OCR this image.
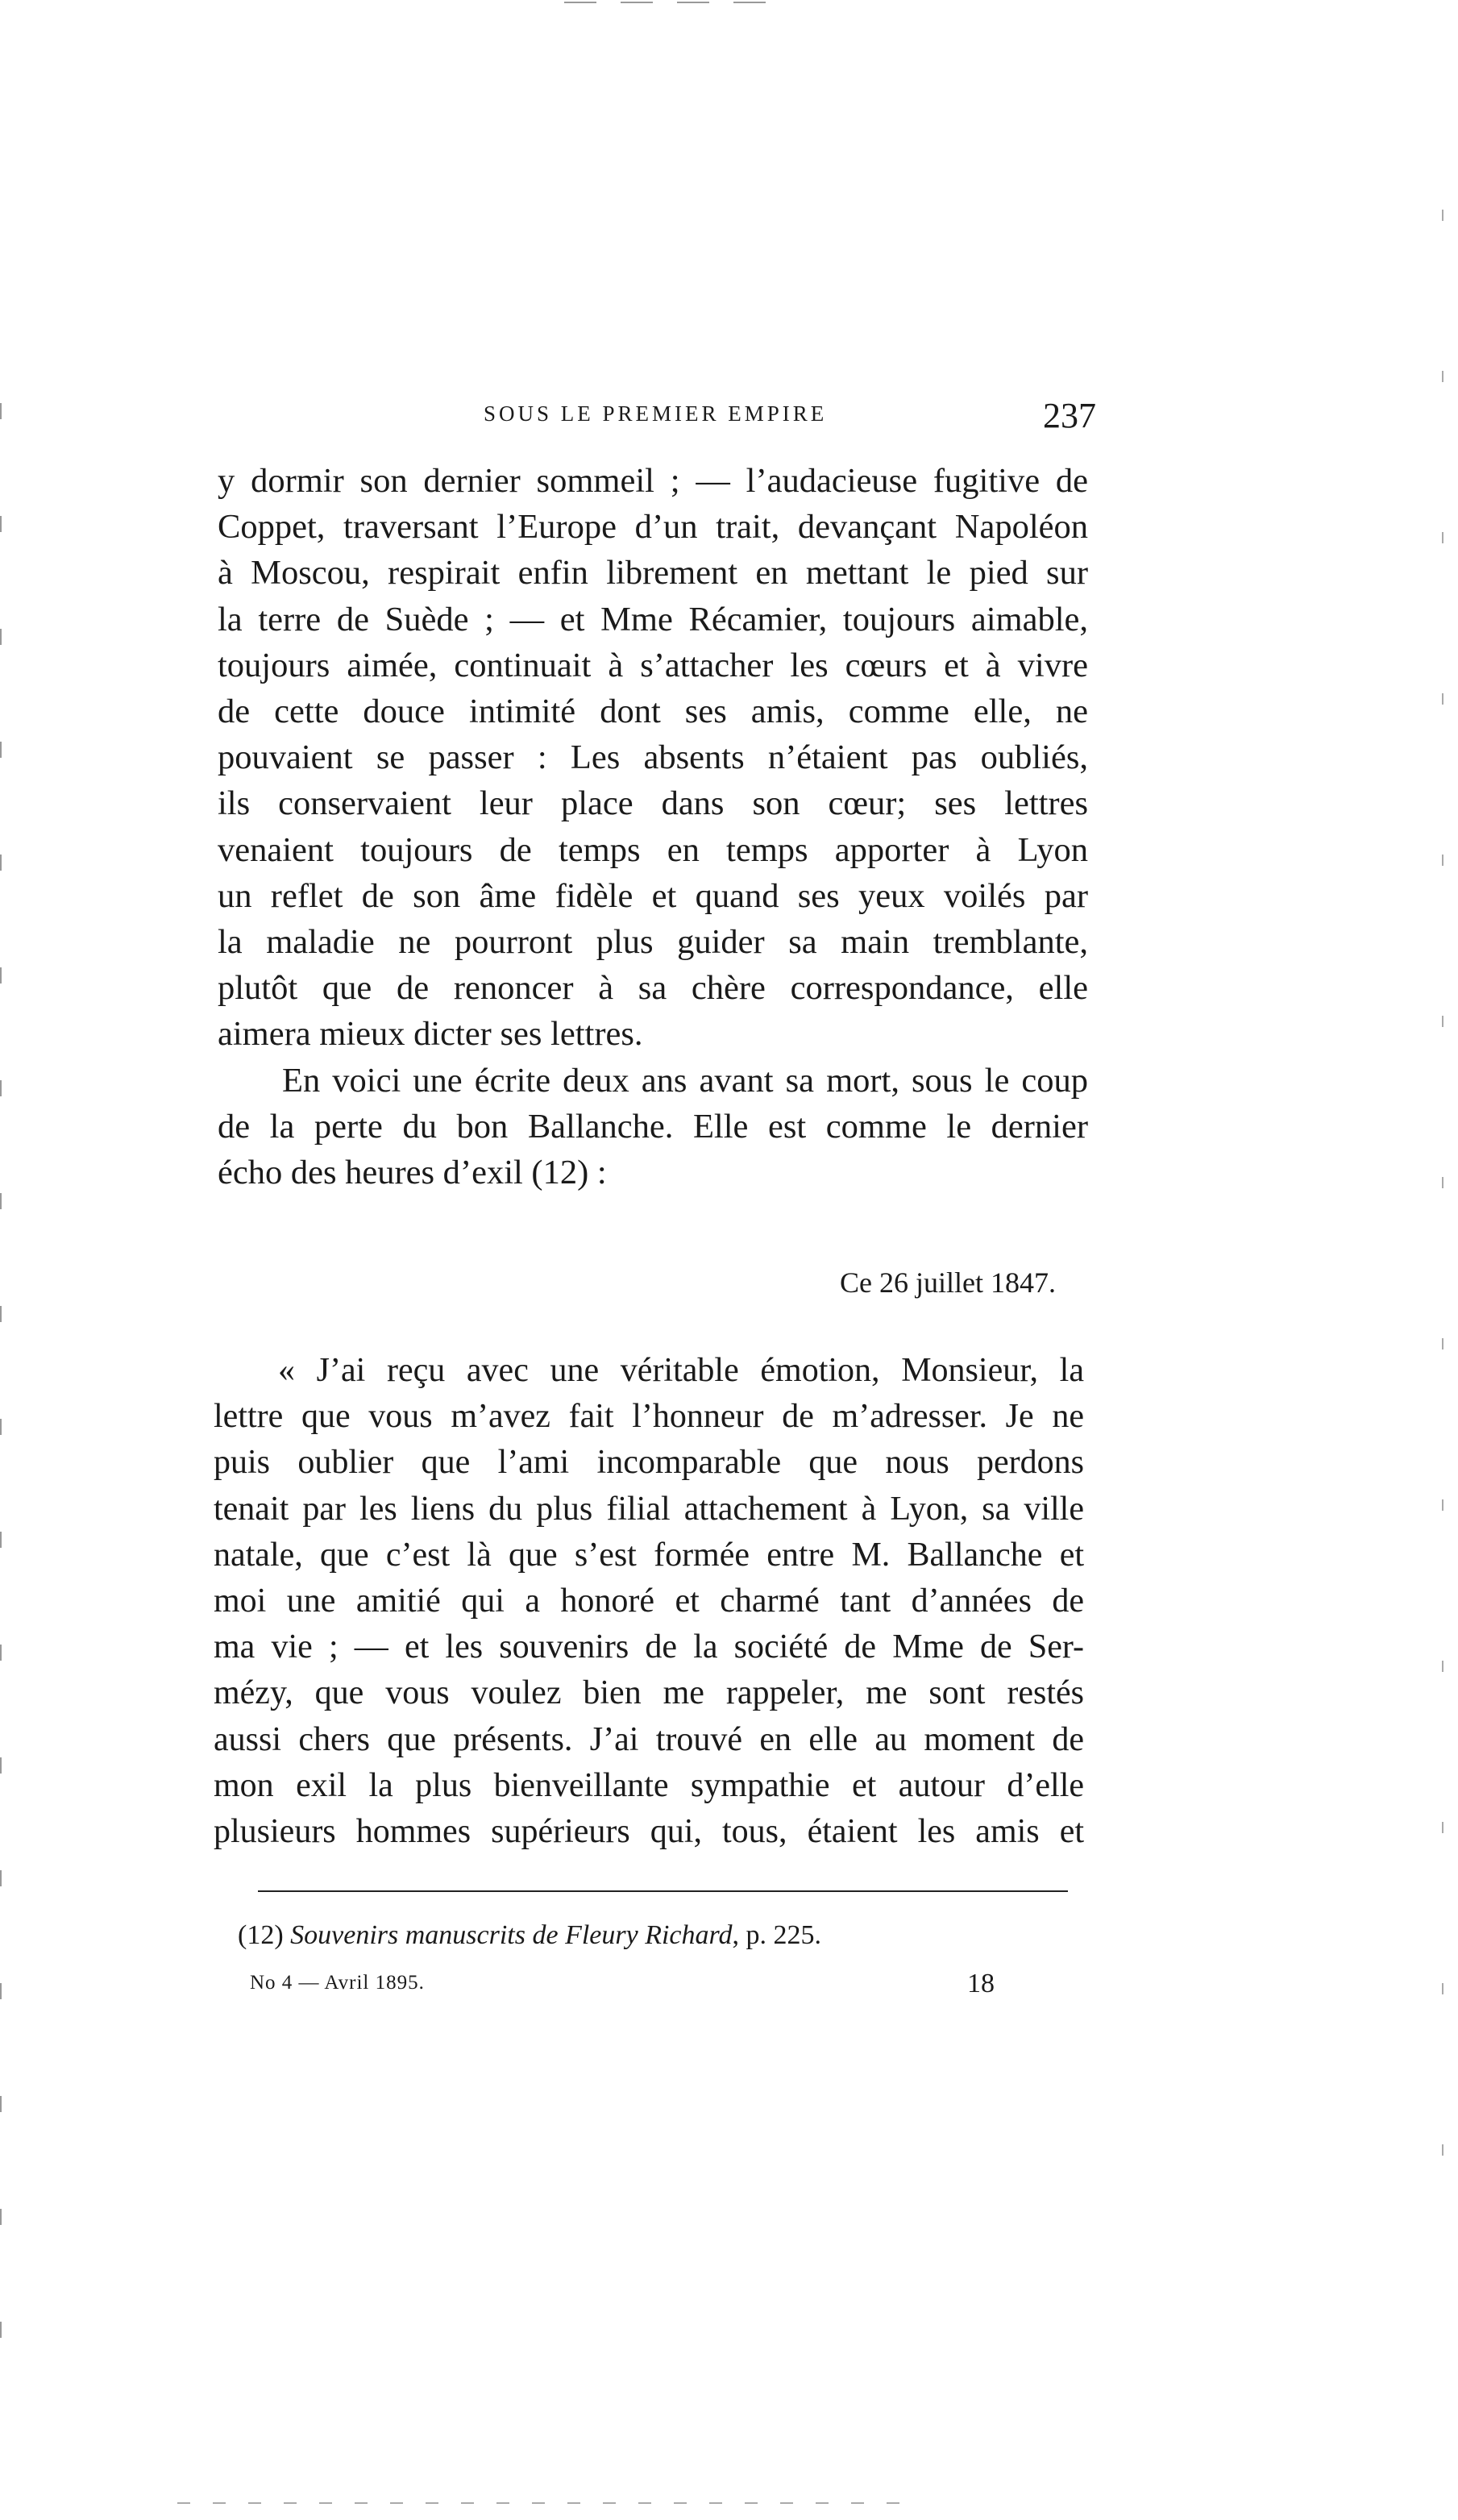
SOUS LE PREMIER EMPIRE	237
y dormir son dernier sommeil ; — l’audacieuse fugitive de
Coppet, traversant l’Europe d’un trait, devançant Napoléon
à Moscou, respirait enfin librement en mettant le pied sur
la terre de Suède ; — et Mme Récamier, toujours aimable,
toujours aimée, continuait à s’attacher les cœurs et à vivre
de cette douce intimité dont ses amis, comme elle, ne
pouvaient se passer : Les absents n’étaient pas oubliés,
ils conservaient leur place dans son cœur; ses lettres
venaient toujours de temps en temps apporter à Lyon
un reflet de son âme fidèle et quand ses yeux voilés par
la maladie ne pourront plus guider sa main tremblante,
plutôt que de renoncer à sa chère correspondance, elle
aimera mieux dicter ses lettres.
En voici une écrite deux ans avant sa mort, sous le coup
de la perte du bon Ballanche. Elle est comme le dernier
écho des heures d’exil (12) :
Ce 26 juillet 1847.
« J’ai reçu avec une véritable émotion, Monsieur, la
lettre que vous m’avez fait l’honneur de m’adresser. Je ne
puis oublier que l’ami incomparable que nous perdons
tenait par les liens du plus filial attachement à Lyon, sa ville
natale, que c’est là que s’est formée entre M. Ballanche et
moi une amitié qui a honoré et charmé tant d’années de
ma vie ; — et les souvenirs de la société de Mme de Ser-
mézy, que vous voulez bien me rappeler, me sont restés
aussi chers que présents. J’ai trouvé en elle au moment de
mon exil la plus bienveillante sympathie et autour d’elle
plusieurs hommes supérieurs qui, tous, étaient les amis et
(12) Souvenirs manuscrits de Fleury Richard, p. 225.
No 4 — Avril 1895.	18
